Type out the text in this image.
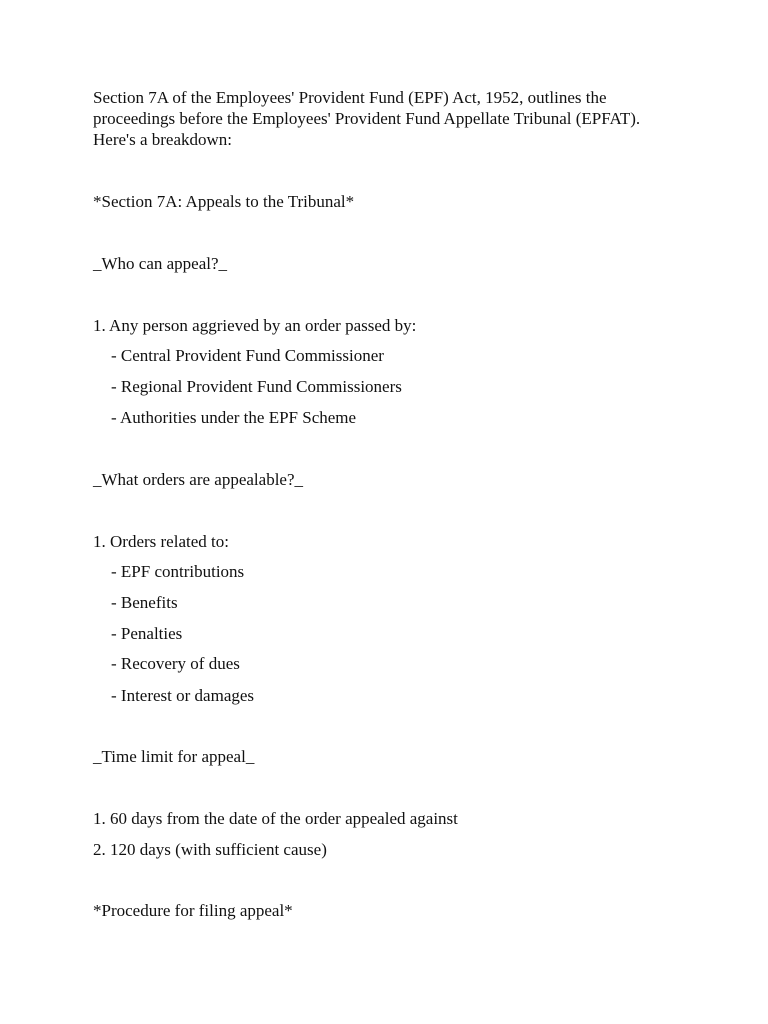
Section 7A of the Employees' Provident Fund (EPF) Act, 1952, outlines the
proceedings before the Employees' Provident Fund Appellate Tribunal (EPFAT).
Here's a breakdown:
*Section 7A: Appeals to the Tribunal*
_Who can appeal?_
1. Any person aggrieved by an order passed by:
- Central Provident Fund Commissioner
- Regional Provident Fund Commissioners
- Authorities under the EPF Scheme
_What orders are appealable?_
1. Orders related to:
- EPF contributions
- Benefits
- Penalties
- Recovery of dues
- Interest or damages
_Time limit for appeal_
1. 60 days from the date of the order appealed against
2. 120 days (with sufficient cause)
*Procedure for filing appeal*
